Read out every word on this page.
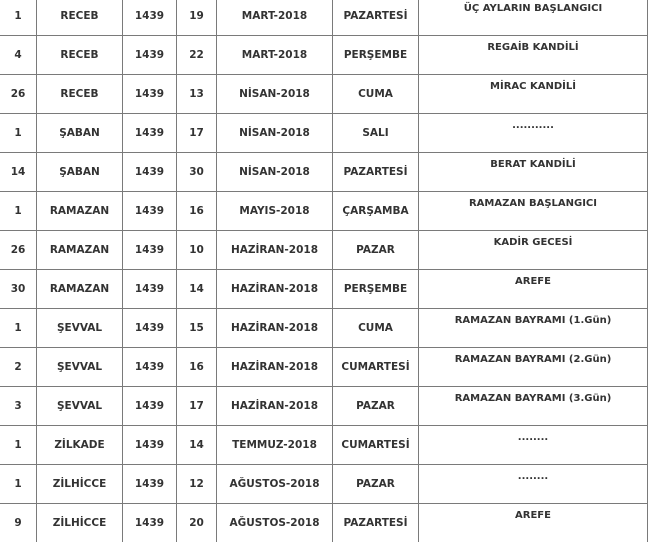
1	RECEB	1439	19	MART-2018	PAZARTESİ	ÜÇ AYLARIN BAŞLANGICI
4	RECEB	1439	22	MART-2018	PERŞEMBE	REGAİB KANDİLİ
26	RECEB	1439	13	NİSAN-2018	CUMA	MİRAC KANDİLİ
1	ŞABAN	1439	17	NİSAN-2018	SALI	...........
14	ŞABAN	1439	30	NİSAN-2018	PAZARTESİ	BERAT KANDİLİ
1	RAMAZAN	1439	16	MAYIS-2018	ÇARŞAMBA	RAMAZAN BAŞLANGICI
26	RAMAZAN	1439	10	HAZİRAN-2018	PAZAR	KADİR GECESİ
30	RAMAZAN	1439	14	HAZİRAN-2018	PERŞEMBE	AREFE
1	ŞEVVAL	1439	15	HAZİRAN-2018	CUMA	RAMAZAN BAYRAMI (1.Gün)
2	ŞEVVAL	1439	16	HAZİRAN-2018	CUMARTESİ	RAMAZAN BAYRAMI (2.Gün)
3	ŞEVVAL	1439	17	HAZİRAN-2018	PAZAR	RAMAZAN BAYRAMI (3.Gün)
1	ZİLKADE	1439	14	TEMMUZ-2018	CUMARTESİ	........
1	ZİLHİCCE	1439	12	AĞUSTOS-2018	PAZAR	........
9	ZİLHİCCE	1439	20	AĞUSTOS-2018	PAZARTESİ	AREFE
